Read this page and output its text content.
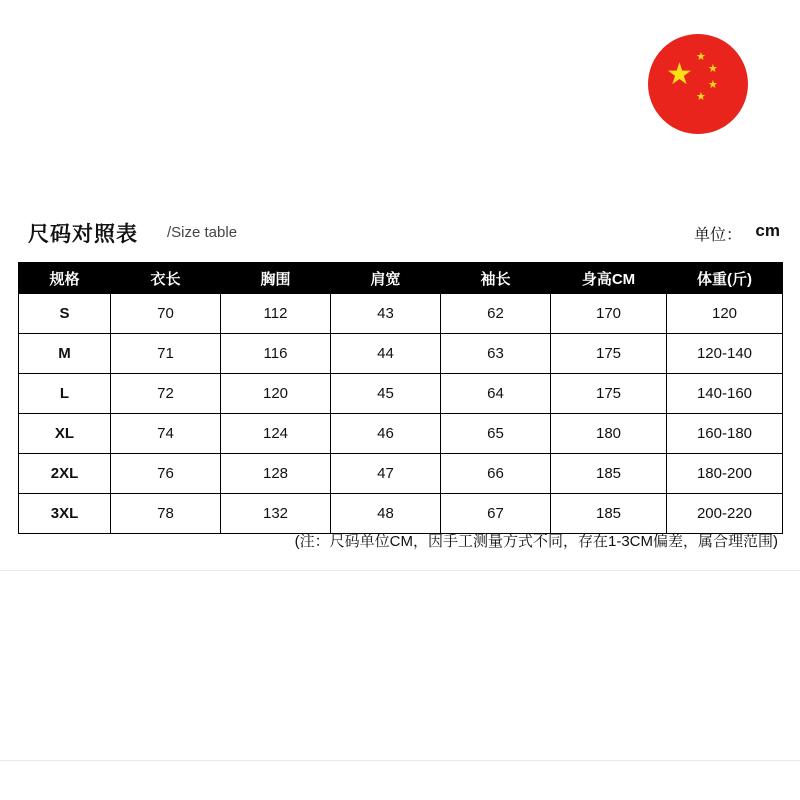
★
★
★
★
★
尺码对照表 /Size table	单位： cm
规格	衣长	胸围	肩宽	袖长	身高CM	体重(斤)
S	70	112	43	62	170	120
M	71	116	44	63	175	120-140
L	72	120	45	64	175	140-160
XL	74	124	46	65	180	160-180
2XL	76	128	47	66	185	180-200
3XL	78	132	48	67	185	200-220
(注：尺码单位CM，因手工测量方式不同，存在1-3CM偏差，属合理范围)
